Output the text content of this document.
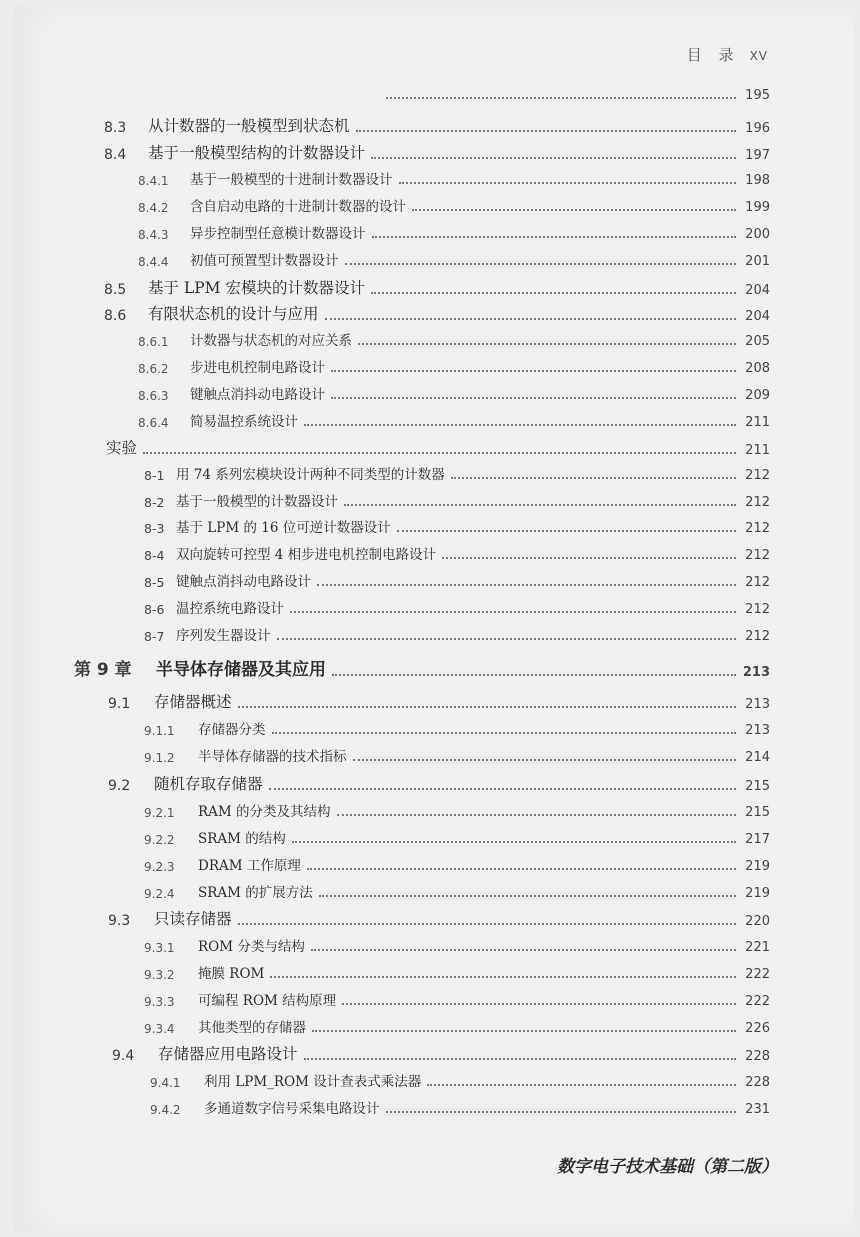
目 录 XV
195
8.3	从计数器的一般模型到状态机	196
8.4	基于一般模型结构的计数器设计	197
8.4.1	基于一般模型的十进制计数器设计	198
8.4.2	含自启动电路的十进制计数器的设计	199
8.4.3	异步控制型任意模计数器设计	200
8.4.4	初值可预置型计数器设计	201
8.5	基于 LPM 宏模块的计数器设计	204
8.6	有限状态机的设计与应用	204
8.6.1	计数器与状态机的对应关系	205
8.6.2	步进电机控制电路设计	208
8.6.3	键触点消抖动电路设计	209
8.6.4	简易温控系统设计	211
实验	211
8-1 用 74 系列宏模块设计两种不同类型的计数器	212
8-2 基于一般模型的计数器设计	212
8-3 基于 LPM 的 16 位可逆计数器设计	212
8-4 双向旋转可控型 4 相步进电机控制电路设计	212
8-5 键触点消抖动电路设计	212
8-6 温控系统电路设计	212
8-7 序列发生器设计	212
第 9 章	半导体存储器及其应用	213
9.1	存储器概述	213
9.1.1	存储器分类	213
9.1.2	半导体存储器的技术指标	214
9.2	随机存取存储器	215
9.2.1	RAM 的分类及其结构	215
9.2.2	SRAM 的结构	217
9.2.3	DRAM 工作原理	219
9.2.4	SRAM 的扩展方法	219
9.3	只读存储器	220
9.3.1	ROM 分类与结构	221
9.3.2	掩膜 ROM	222
9.3.3	可编程 ROM 结构原理	222
9.3.4	其他类型的存储器	226
9.4	存储器应用电路设计	228
9.4.1	利用 LPM_ROM 设计查表式乘法器	228
9.4.2	多通道数字信号采集电路设计	231
数字电子技术基础（第二版）
